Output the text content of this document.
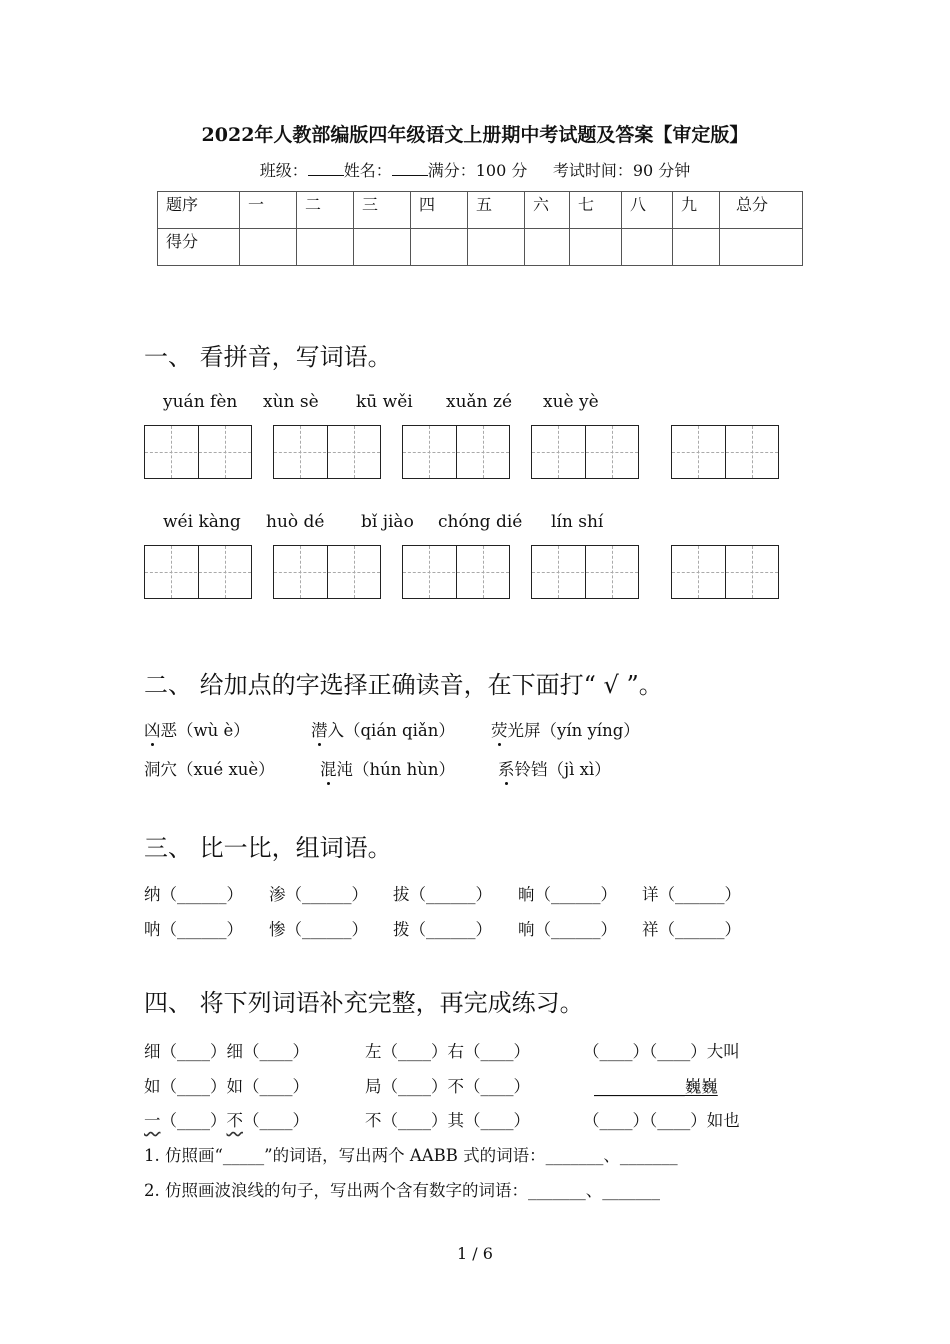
2022年人教部编版四年级语文上册期中考试题及答案【审定版】
班级： 姓名： 满分：100 分 考试时间：90 分钟
题序	一	二	三	四	五	六	七	八	九	总分
得分										
一、 看拼音，写词语。
yuán fèn xùn sè kū wěi xuǎn zé xuè yè
wéi kàng huò dé bǐ jiào chóng dié lín shí
二、 给加点的字选择正确读音，在下面打“ √ ”。
凶恶（wù è）	潜入（qián qiǎn） 荧光屏（yín yíng）
洞穴（xué xuè）	混沌（hún hùn）	系铃铛（jì xì）
三、 比一比，组词语。
纳（______） 渗（______） 拔（______） 晌（______） 详（______）
呐（______） 惨（______） 拨（______） 响（______） 祥（______）
四、 将下列词语补充完整，再完成练习。
细（____）细（____）	左（____）右（____）	（____）（____）大叫
如（____）如（____）	局（____）不（____）	___________巍巍
一（____）不（____）	不（____）其（____）	（____）（____）如也
1. 仿照画“_____”的词语，写出两个 AABB 式的词语：_______、_______
2. 仿照画波浪线的句子，写出两个含有数字的词语：_______、_______
1 / 6
